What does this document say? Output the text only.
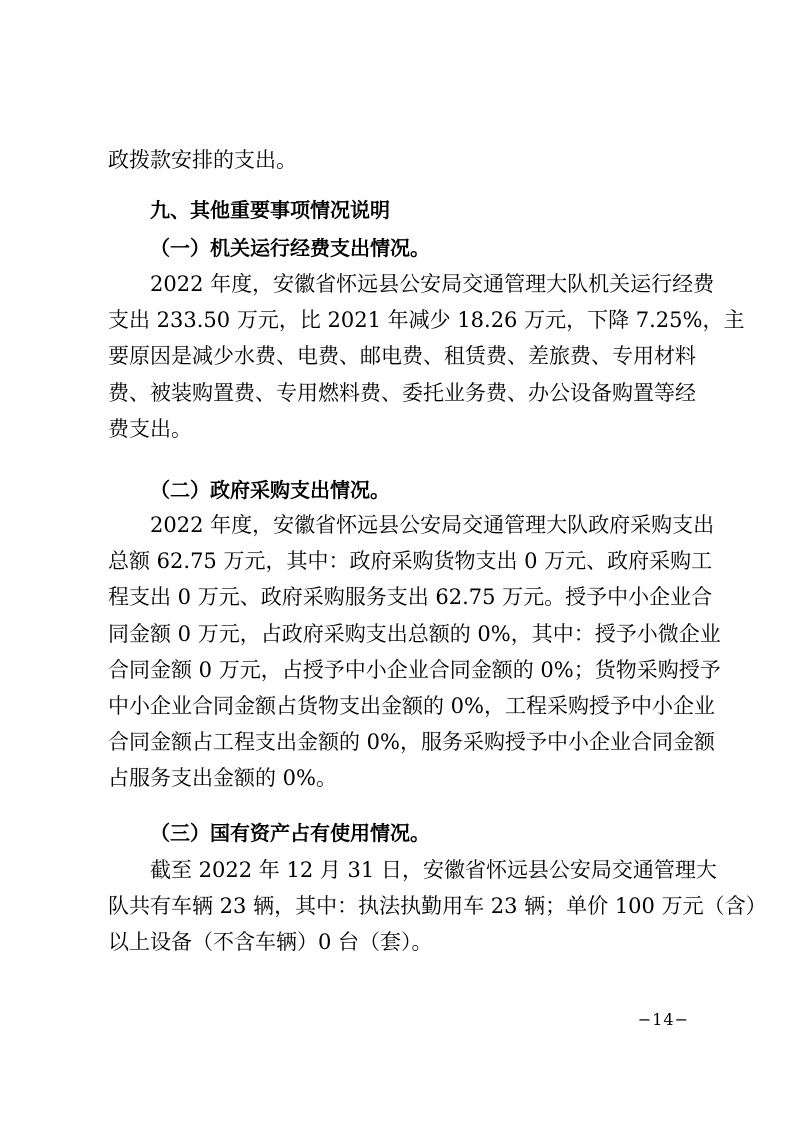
政拨款安排的支出。
九、其他重要事项情况说明
（一）机关运行经费支出情况。
2022 年度，安徽省怀远县公安局交通管理大队机关运行经费
支出 233.50 万元，比 2021 年减少 18.26 万元，下降 7.25%，主
要原因是减少水费、电费、邮电费、租赁费、差旅费、专用材料
费、被装购置费、专用燃料费、委托业务费、办公设备购置等经
费支出。
（二）政府采购支出情况。
2022 年度，安徽省怀远县公安局交通管理大队政府采购支出
总额 62.75 万元，其中：政府采购货物支出 0 万元、政府采购工
程支出 0 万元、政府采购服务支出 62.75 万元。授予中小企业合
同金额 0 万元，占政府采购支出总额的 0%，其中：授予小微企业
合同金额 0 万元，占授予中小企业合同金额的 0%；货物采购授予
中小企业合同金额占货物支出金额的 0%，工程采购授予中小企业
合同金额占工程支出金额的 0%，服务采购授予中小企业合同金额
占服务支出金额的 0%。
（三）国有资产占有使用情况。
截至 2022 年 12 月 31 日，安徽省怀远县公安局交通管理大
队共有车辆 23 辆，其中：执法执勤用车 23 辆；单价 100 万元（含）
以上设备（不含车辆）0 台（套）。
−14−
